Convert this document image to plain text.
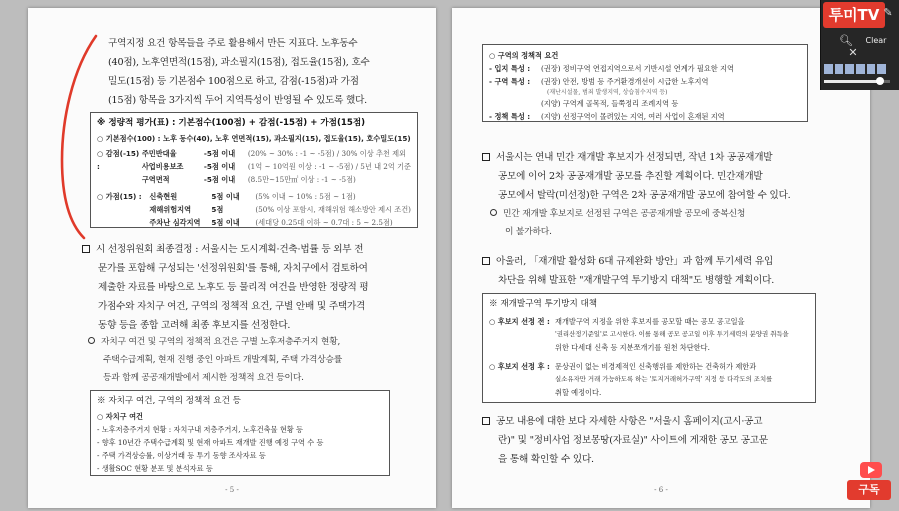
구역지정 요건 항목들을 주로 활용해서 만든 지표다. 노후동수
(40점), 노후연면적(15점), 과소필지(15점), 접도율(15점), 호수
밀도(15점) 등 기본점수 100점으로 하고, 감점(-15점)과 가점
(15점) 항목을 3가지씩 두어 지역특성이 반영될 수 있도록 했다.
※ 정량적 평가(표) : 기본점수(100점) + 감점(-15점) + 가점(15점)
○ 기본점수(100) : 노후 동수(40), 노후 연면적(15), 과소필지(15), 접도율(15), 호수밀도(15)
○ 감점(-15) :
주민반대율	-5점 이내 (20% ~ 30% : -1 ~ -5점) / 30% 이상 추천 제외
사업비용보조	-5점 이내 (1억 ~ 10억원 이상 : -1 ~ -5점) / 5년 내 2억 기준
구역면적	-5점 이내 (8.5만~15만㎡ 이상 : -1 ~ -5점)
○ 가점(15) :	신축현원	5점 이내 (5% 이내 ~ 10% : 5점 ~ 1점)
재해위험지역	5점	(50% 이상 포함시, 재해위험 해소방안 제시 조건)
주차난 심각지역 5점 이내 (세대당 0.25대 이하 ~ 0.7대 : 5 ~ 2.5점)
시 선정위원회 최종결정 : 서울시는 도시계획·건축·법률 등 외부 전
문가를 포함해 구성되는 '선정위원회'를 통해, 자치구에서 검토하여
제출한 자료를 바탕으로 노후도 등 물리적 여건을 반영한 정량적 평
가점수와 자치구 여건, 구역의 정책적 요건, 구별 안배 및 주택가격
동향 등을 종합 고려해 최종 후보지를 선정한다.
자치구 여건 및 구역의 정책적 요건은 구별 노후저층주거지 현황,
주택수급계획, 현재 진행 중인 아파트 개발계획, 주택 가격상승률
등과 함께 공공재개발에서 제시한 정책적 요건 등이다.
※ 자치구 여건, 구역의 정책적 요건 등
○ 자치구 여건
- 노후저층주거지 현황 : 자치구내 저층주거지, 노후건축물 현황 등
- 향후 10년간 주택수급계획 및 현재 아파트 재개발 진행 예정 구역 수 등
- 주택 가격상승률, 이상거래 등 투기 동향 조사자료 등
- 생활SOC 현황 분포 및 분석자료 등
- 5 -
○ 구역의 정책적 요건
- 입지 특성 : (권장) 정비구역 연접지역으로서 기반시설 연계가 필요한 지역
- 구역 특성 : (권장) 안전, 방범 등 주거환경개선이 시급한 노후지역
(재난시설물, 범죄 발생지역, 상습침수지역 등)
(지양) 구역계 골목적, 들쭉정리 조례지역 등
- 정책 특성 : (지양) 선정구역이 몰려있는 지역, 여러 사업이 혼재된 지역
서울시는 연내 민간 재개발 후보지가 선정되면, 작년 1차 공공재개발
공모에 이어 2차 공공재개발 공모를 추진할 계획이다. 민간재개발
공모에서 탈락(미선정)한 구역은 2차 공공재개발 공모에 참여할 수 있다.
민간 재개발 후보지로 선정된 구역은 공공재개발 공모에 중복신청
이 불가하다.
아울러, 「재개발 활성화 6대 규제완화 방안」과 함께 투기세력 유입
차단을 위해 발표한 "재개발구역 투기방지 대책"도 병행할 계획이다.
※ 재개발구역 투기방지 대책
○ 후보지 선정 전 : 재개발구역 지정을 위한 후보지를 공모할 때는 공모 공고일을
'권리산정기준일'로 고시한다. 이를 통해 공모 공고일 이후 투기세력의 분양권 취득을
위한 다세대 신축 등 지분쪼개기를 원천 차단한다.
○ 후보지 선정 후 : 문상권이 없는 비경제적인 신축행위를 제한하는 건축허가 제한과
실소유자만 거래 가능하도록 하는 '토지거래허가구역' 지정 등 다각도의 조치를
취할 예정이다.
공모 내용에 대한 보다 자세한 사항은 "서울시 홈페이지(고시·공고
란)" 및 "정비사업 정보몽땅(자료실)" 사이트에 게재한 공모 공고문
을 통해 확인할 수 있다.
- 6 -
투미TV ✎
🔍︎	Clear
✕
구독
